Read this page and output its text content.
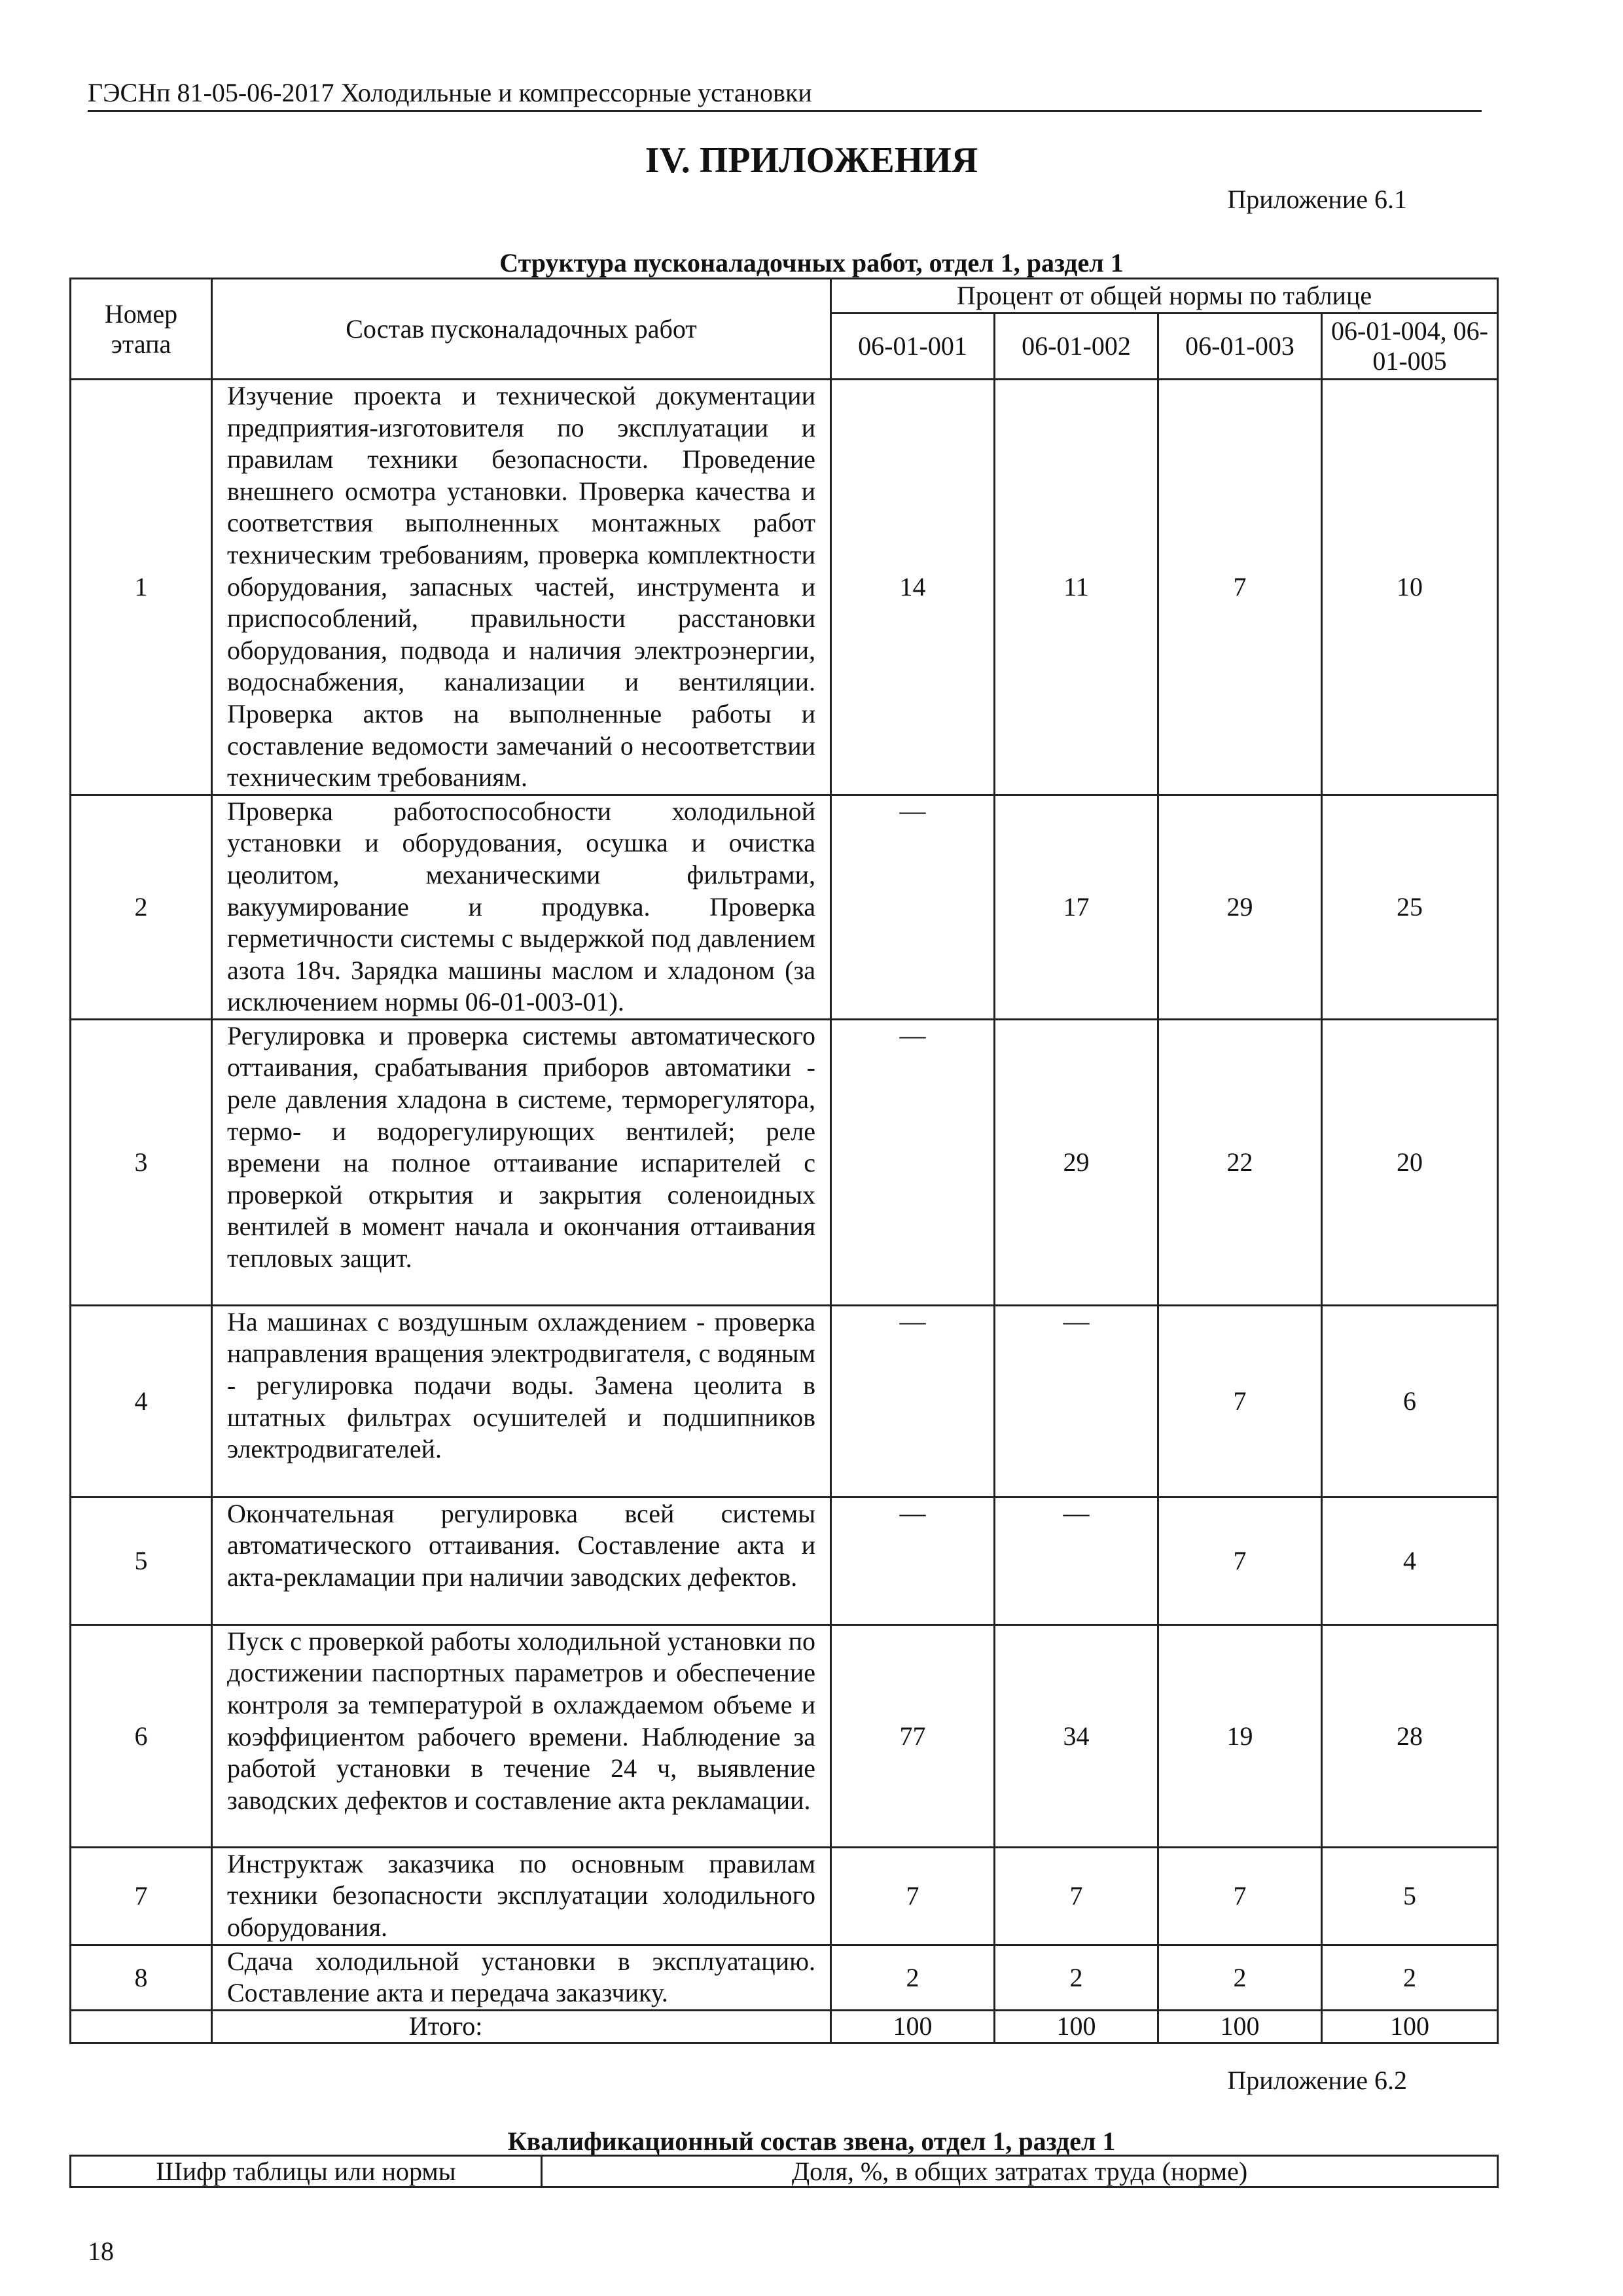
ГЭСНп 81-05-06-2017 Холодильные и компрессорные установки
IV. ПРИЛОЖЕНИЯ
Приложение 6.1
Структура пусконаладочных работ, отдел 1, раздел 1
Номер этапа	Состав пусконаладочных работ	Процент от общей нормы по таблице			
		06-01-001	06-01-002	06-01-003	06-01-004, 06-01-005
1	Изучение проекта и технической документации предприятия-изготовителя по эксплуатации и правилам техники безопасности. Проведение внешнего осмотра установки. Проверка качества и соответствия выполненных монтажных работ техническим требованиям, проверка комплектности оборудования, запасных частей, инструмента и приспособлений, правильности расстановки оборудования, подвода и наличия электроэнергии, водоснабжения, канализации и вентиляции. Проверка актов на выполненные работы и составление ведомости замечаний о несоответствии техническим требованиям.	14	11	7	10
2	Проверка работоспособности холодильной установки и оборудования, осушка и очистка цеолитом, механическими фильтрами, вакуумирование и продувка. Проверка герметичности системы с выдержкой под давлением азота 18ч. Зарядка машины маслом и хладоном (за исключением нормы 06-01-003-01).	—	17	29	25
3	Регулировка и проверка системы автоматического оттаивания, срабатывания приборов автоматики - реле давления хладона в системе, терморегулятора, термо- и водорегулирующих вентилей; реле времени на полное оттаивание испарителей с проверкой открытия и закрытия соленоидных вентилей в момент начала и окончания оттаивания тепловых защит.	—	29	22	20
4	На машинах с воздушным охлаждением - проверка направления вращения электродвигателя, с водяным - регулировка подачи воды. Замена цеолита в штатных фильтрах осушителей и подшипников электродвигателей.	—	—	7	6
5	Окончательная регулировка всей системы автоматического оттаивания. Составление акта и акта-рекламации при наличии заводских дефектов.	—	—	7	4
6	Пуск с проверкой работы холодильной установки по достижении паспортных параметров и обеспечение контроля за температурой в охлаждаемом объеме и коэффициентом рабочего времени. Наблюдение за работой установки в течение 24 ч, выявление заводских дефектов и составление акта рекламации.	77	34	19	28
7	Инструктаж заказчика по основным правилам техники безопасности эксплуатации холодильного оборудования.	7	7	7	5
8	Сдача холодильной установки в эксплуатацию. Составление акта и передача заказчику.	2	2	2	2
	Итого:	100	100	100	100
Приложение 6.2
Квалификационный состав звена, отдел 1, раздел 1
Шифр таблицы или нормы	Доля, %, в общих затратах труда (норме)
18
